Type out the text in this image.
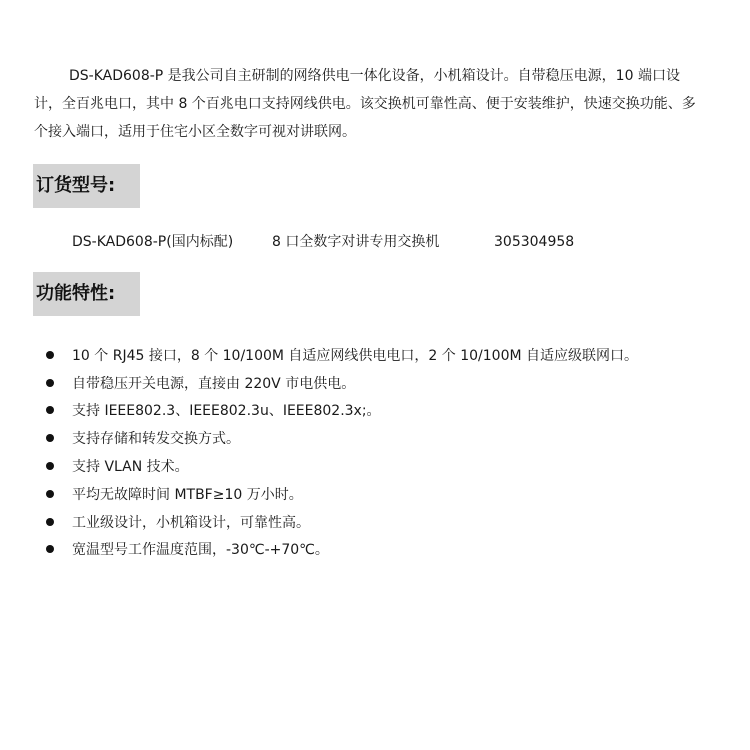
DS-KAD608-P 是我公司自主研制的网络供电一体化设备，小机箱设计。自带稳压电源，10 端口设计，全百兆电口，其中 8 个百兆电口支持网线供电。该交换机可靠性高、便于安装维护，快速交换功能、多个接入端口，适用于住宅小区全数字可视对讲联网。

订货型号:
DS-KAD608-P(国内标配)	8 口全数字对讲专用交换机	305304958
功能特性:
10 个 RJ45 接口，8 个 10/100M 自适应网线供电电口，2 个 10/100M 自适应级联网口。
自带稳压开关电源，直接由 220V 市电供电。
支持 IEEE802.3、IEEE802.3u、IEEE802.3x;。
支持存储和转发交换方式。
支持 VLAN 技术。
平均无故障时间 MTBF≥10 万小时。
工业级设计，小机箱设计，可靠性高。
宽温型号工作温度范围，-30℃-+70℃。
